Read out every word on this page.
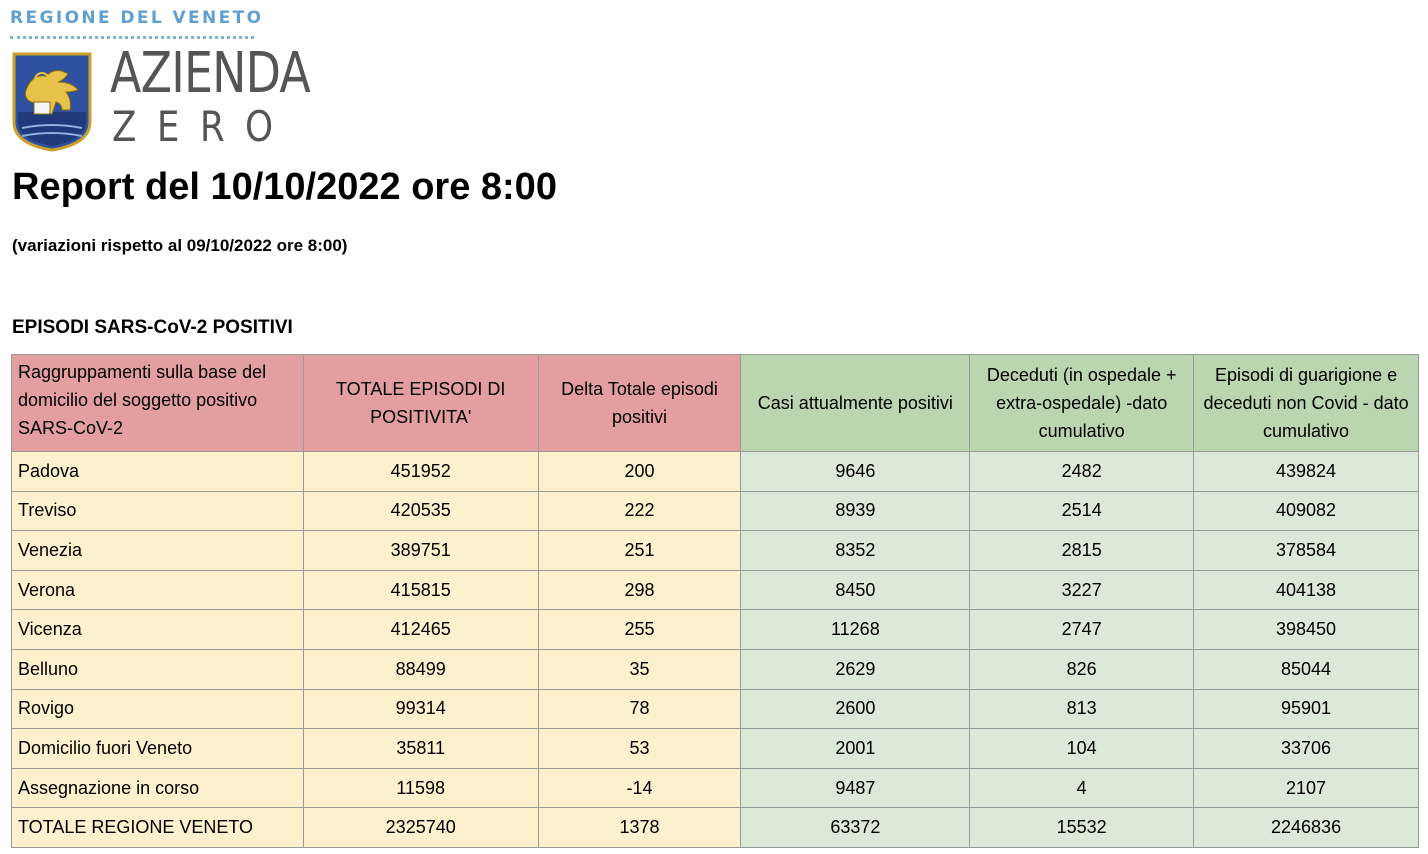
REGIONE DEL VENETO
AZIENDA
ZERO
Report del 10/10/2022 ore 8:00
(variazioni rispetto al 09/10/2022 ore 8:00)
EPISODI SARS-CoV-2 POSITIVI
Raggruppamenti sulla base del domicilio del soggetto positivo SARS-CoV-2	TOTALE EPISODI DI POSITIVITA'	Delta Totale episodi positivi	Casi attualmente positivi	Deceduti (in ospedale + extra-ospedale) -dato cumulativo	Episodi di guarigione e deceduti non Covid - dato cumulativo
Padova	451952	200	9646	2482	439824
Treviso	420535	222	8939	2514	409082
Venezia	389751	251	8352	2815	378584
Verona	415815	298	8450	3227	404138
Vicenza	412465	255	11268	2747	398450
Belluno	88499	35	2629	826	85044
Rovigo	99314	78	2600	813	95901
Domicilio fuori Veneto	35811	53	2001	104	33706
Assegnazione in corso	11598	-14	9487	4	2107
TOTALE REGIONE VENETO	2325740	1378	63372	15532	2246836
